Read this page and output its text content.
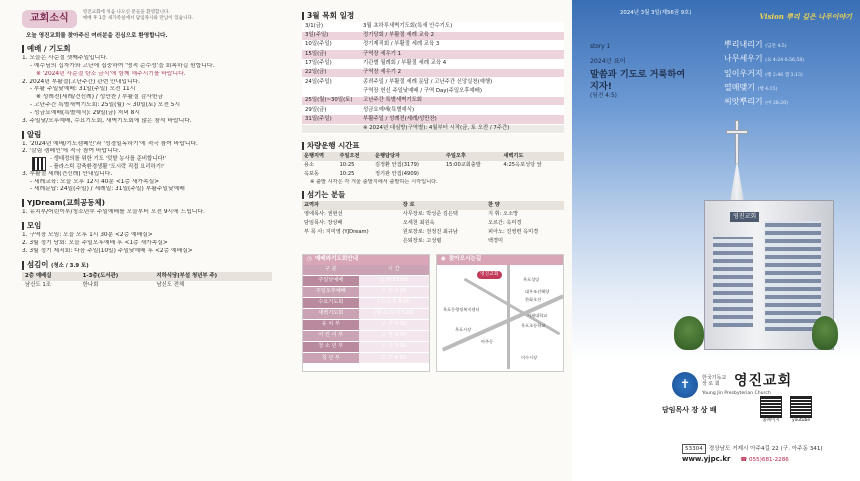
교회소식
영진교회에 처음 나오신 분들을 환영합니다.
예배 후 1층 새가족실에서 담임목사와 만남이 있습니다.
오늘 영진교회를 찾아주신 여러분을 진심으로 환영합니다.
예배 / 기도회
1. 오늘은 사순절 셋째주일입니다.
- 예수님의 십자가와 고난에 집중하여 '영적 순수성'을 회복하길 원합니다.
※ '2024년 사순절 탄소 금식'에 함께 해주시기를 바랍니다.
2. 2024년 부활절(고난주간) 관련 안내입니다.
- 부활 주일낮예배: 31일(주일) 오전 11시
※ 성례전(세례/견신례) / 성만찬 / 부활절 감사헌금
- 고난주간 특별새벽기도회: 25일(월) ~ 30일(토) 오전 5시
- 성금요예배(특별예식): 29일(금) 저녁 8시
3. 주일낮/오후예배, 수요기도회, 새벽기도회에 많은 참석 바랍니다.
알림
1. '2024년 예배/기도캠페인'과 '성경일독하기'에 적극 참여 바랍니다.
2. '살림 캠페인'에 적극 참여 바랍니다.
- 생태정의를 위한 기도 '텃밭 농사를 준비합니다!'
- 플라스틱 감축환경생활 '도시락 직접 요리하기!'
3. 부활절 세례(견신례) 안내입니다.
- 세례교육: 오늘 오후 12시 40분 <1층 새가족실>
- 세례문답: 24일(주일) / 세례일: 31일(주일) 부활주일낮예배
YJDream(교회공동체)
1. 유치부/어린이부/청소년부 주일예배를 오늘부터 오전 9시에 드립니다.
모임
1. 구역장 모임: 오늘 오후 1시 30분 <2층 예배실>
2. 3월 정기 당회: 오늘 주일오후예배 후 <1층 새가족실>
3. 3월 정기 제직회: 다음 주일(10일) 주일낮예배 후 <2층 예배실>
섬김이 (청소 / 3.9 토)
2층 예배실	1-3층(도서관)	지하식당(부설 청년부 주)
남신도 1조	한나회	남신도 전체
3월 목회 일정
3/1(금)	3월 초하루새벽기도회(특새 안수기도)
3일(주일)	정기당회 / 부활절 세례 교육 2
10일(주일)	정기제직회 / 부활절 세례 교육 3
15일(금)	구역장 세우기 1
17일(주일)	기관별 월례회 / 부활절 세례 교육 4
22일(금)	구역장 세우기 2
24일(주일)	종려주일 / 부활절 세례 문답 / 고난주간 신앙실천(예행)
	구역장 헌신 주일낮예배 / 구역 Day(주일오후예배)
25일(월)~30일(토)	고난주간 특별새벽기도회
29일(금)	성금요예배(특별예식)
31일(주일)	부활주일 / 성례전(세례/성만찬)
	※ 2024년 대심방(구역별): 4월부터 시작(금, 토 오전 / 7주간)
차량운행 시간표
운행지역	주일오전	운행담당자	주일오후	새벽기도
용소	10:25	김정환 안집(3179)	15:00교회출발	4:25옥포성당 앞
옥포동	10:25	정기관 안집(4909)		
※ 출발 시각은 각 겨울 출발지에서 출발하는 시각입니다.
섬기는 분들
교역자	장 로	찬 양
영에목사: 권현선	사무장로: 박성준 김은택	지 휘: 오소망
담임목사: 장상배	오세천 최원욱	오르간: 옥미경
부 목 사: 지미영 (YJDream)	원로장로: 전정진 최규남	피아노: 진영련 옥미경
	은퇴장로: 고성렬	백경미
◷ 예배와기도회안내
구 분	시 간
주일낮예배	오 전 11:00
주일오후예배	오 후 2:00
수요기도회	(수)오후 8:00
새벽기도회	(월-토)오전 5:00
유 치 부	오 전 9:30
어 린 이 부	오 전 9:30
청 소 년 부	오 전 9:30
청 년 부	오 후 4:00
◉ 찾아오시는길
영진교회
옥포성당
대우조선해양
한화오션
거제대학교
옥포초등학교
옥포동행정복지센터
옥포시장
아주동
이수시장
2024년 3월 3일(제56권 9호)	Vision 뿌리 깊은 나무이야기
story 1
2024년 표어
말씀과 기도로 거룩하여지자!
(딤전 4:5)
뿌리내리기 (딤전 4:5)
나무세우기 (요 4:24 6:56,58)
잎이우거지 (행 2:46 엡 3:13)
열매맺기 (행 4:15)
씨앗뿌리기 (마 28:20)
영진교회
✝
한국기독교 장 로 회	영진교회
Young Jin Presbyterian Church
담임목사 장 상 배
홈페이지	youtube
53304 경상남도 거제시 아주4길 22 (구. 아주동 341)
www.yjpc.kr ☎ 055)681-2286
